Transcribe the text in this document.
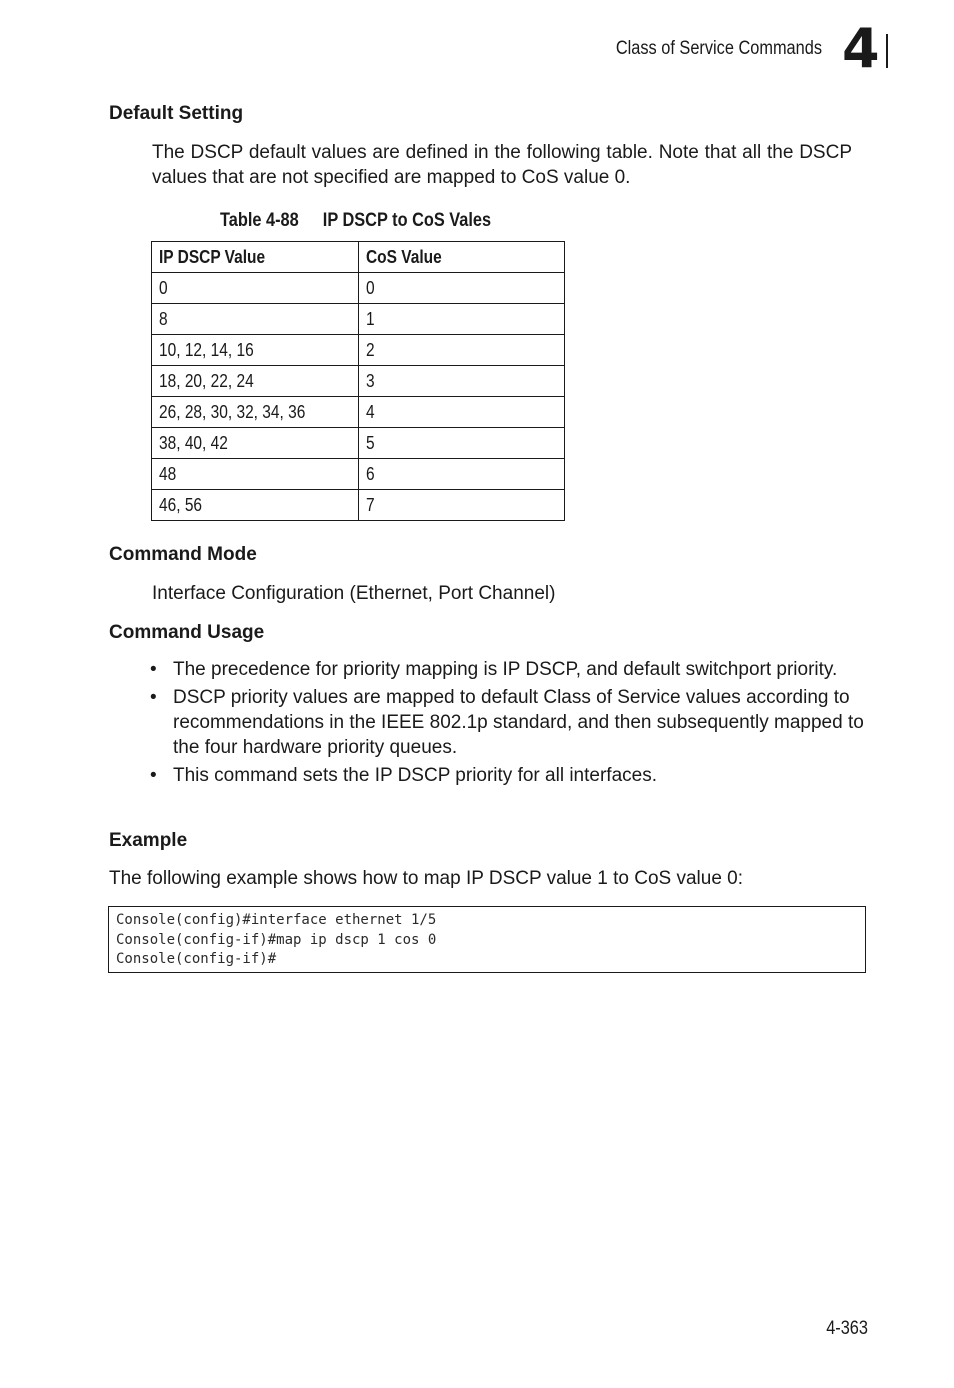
Class of Service Commands 4
Default Setting
The DSCP default values are defined in the following table. Note that all the DSCP values that are not specified are mapped to CoS value 0.
Table 4-88 IP DSCP to CoS Vales
IP DSCP Value	CoS Value
0	0
8	1
10, 12, 14, 16	2
18, 20, 22, 24	3
26, 28, 30, 32, 34, 36	4
38, 40, 42	5
48	6
46, 56	7
Command Mode
Interface Configuration (Ethernet, Port Channel)
Command Usage
• The precedence for priority mapping is IP DSCP, and default switchport priority.
• DSCP priority values are mapped to default Class of Service values according to recommendations in the IEEE 802.1p standard, and then subsequently mapped to the four hardware priority queues.
• This command sets the IP DSCP priority for all interfaces.
Example
The following example shows how to map IP DSCP value 1 to CoS value 0:
Console(config)#interface ethernet 1/5
Console(config-if)#map ip dscp 1 cos 0
Console(config-if)#
4-363
